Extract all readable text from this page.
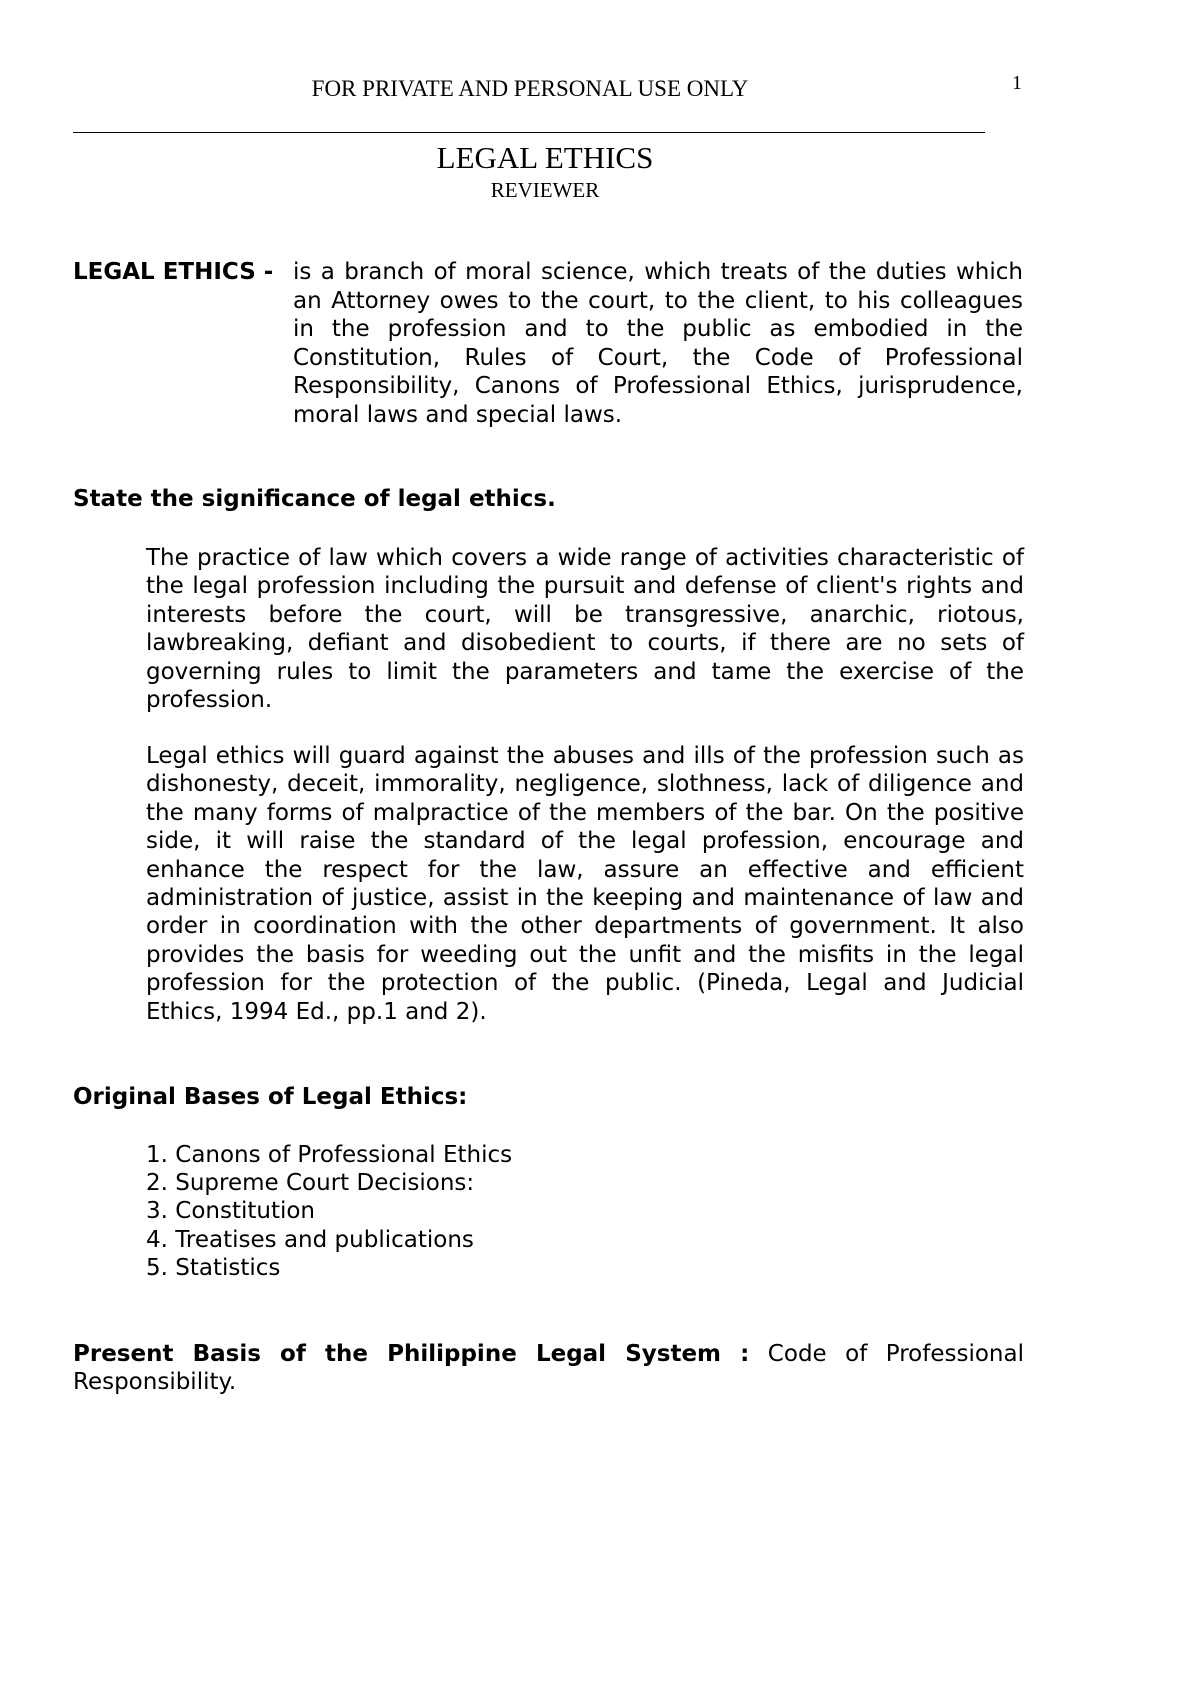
FOR PRIVATE AND PERSONAL USE ONLY	1
LEGAL ETHICS
REVIEWER
LEGAL ETHICS - is a branch of moral science, which treats of the duties which an Attorney owes to the court, to the client, to his colleagues in the profession and to the public as embodied in the Constitution, Rules of Court, the Code of Professional Responsibility, Canons of Professional Ethics, jurisprudence, moral laws and special laws.
State the significance of legal ethics.

The practice of law which covers a wide range of activities characteristic of the legal profession including the pursuit and defense of client's rights and interests before the court, will be transgressive, anarchic, riotous, lawbreaking, defiant and disobedient to courts, if there are no sets of governing rules to limit the parameters and tame the exercise of the profession.

Legal ethics will guard against the abuses and ills of the profession such as dishonesty, deceit, immorality, negligence, slothness, lack of diligence and the many forms of malpractice of the members of the bar. On the positive side, it will raise the standard of the legal profession, encourage and enhance the respect for the law, assure an effective and efficient administration of justice, assist in the keeping and maintenance of law and order in coordination with the other departments of government. It also provides the basis for weeding out the unfit and the misfits in the legal profession for the protection of the public. (Pineda, Legal and Judicial Ethics, 1994 Ed., pp.1 and 2).

Original Bases of Legal Ethics:
1. Canons of Professional Ethics
2. Supreme Court Decisions:
3. Constitution
4. Treatises and publications
5. Statistics
Present Basis of the Philippine Legal System : Code of Professional Responsibility.
